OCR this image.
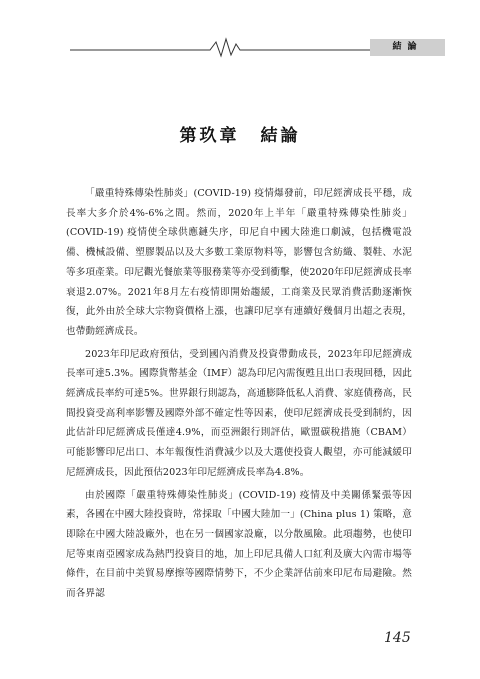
結論
第玖章 結論

「嚴重特殊傳染性肺炎」(COVID-19) 疫情爆發前，印尼經濟成長平穩，成長率大多介於4%-6%之間。然而，2020年上半年「嚴重特殊傳染性肺炎」(COVID-19) 疫情使全球供應鏈失序，印尼自中國大陸進口劇減，包括機電設備、機械設備、塑膠製品以及大多數工業原物料等，影響包含紡織、製鞋、水泥等多項產業。印尼觀光餐旅業等服務業等亦受到衝擊，使2020年印尼經濟成長率衰退2.07%。2021年8月左右疫情即開始趨緩，工商業及民眾消費活動逐漸恢復，此外由於全球大宗物資價格上漲，也讓印尼享有連續好幾個月出超之表現，也帶動經濟成長。

2023年印尼政府預估，受到國內消費及投資帶動成長，2023年印尼經濟成長率可達5.3%。國際貨幣基金（IMF）認為印尼內需復甦且出口表現回穩，因此經濟成長率約可達5%。世界銀行則認為，高通膨降低私人消費、家庭債務高，民間投資受高利率影響及國際外部不確定性等因素，使印尼經濟成長受到制約，因此估計印尼經濟成長僅達4.9%，而亞洲銀行則評估，歐盟碳稅措施（CBAM）可能影響印尼出口、本年報復性消費減少以及大選使投資人觀望，亦可能減緩印尼經濟成長，因此預估2023年印尼經濟成長率為4.8%。

由於國際「嚴重特殊傳染性肺炎」(COVID-19) 疫情及中美關係緊張等因素，各國在中國大陸投資時，常採取「中國大陸加一」(China plus 1) 策略，意即除在中國大陸設廠外，也在另一個國家設廠，以分散風險。此項趨勢，也使印尼等東南亞國家成為熱門投資目的地，加上印尼具備人口紅利及廣大內需市場等條件，在目前中美貿易摩擦等國際情勢下，不少企業評估前來印尼布局避險。然而各界認

145
